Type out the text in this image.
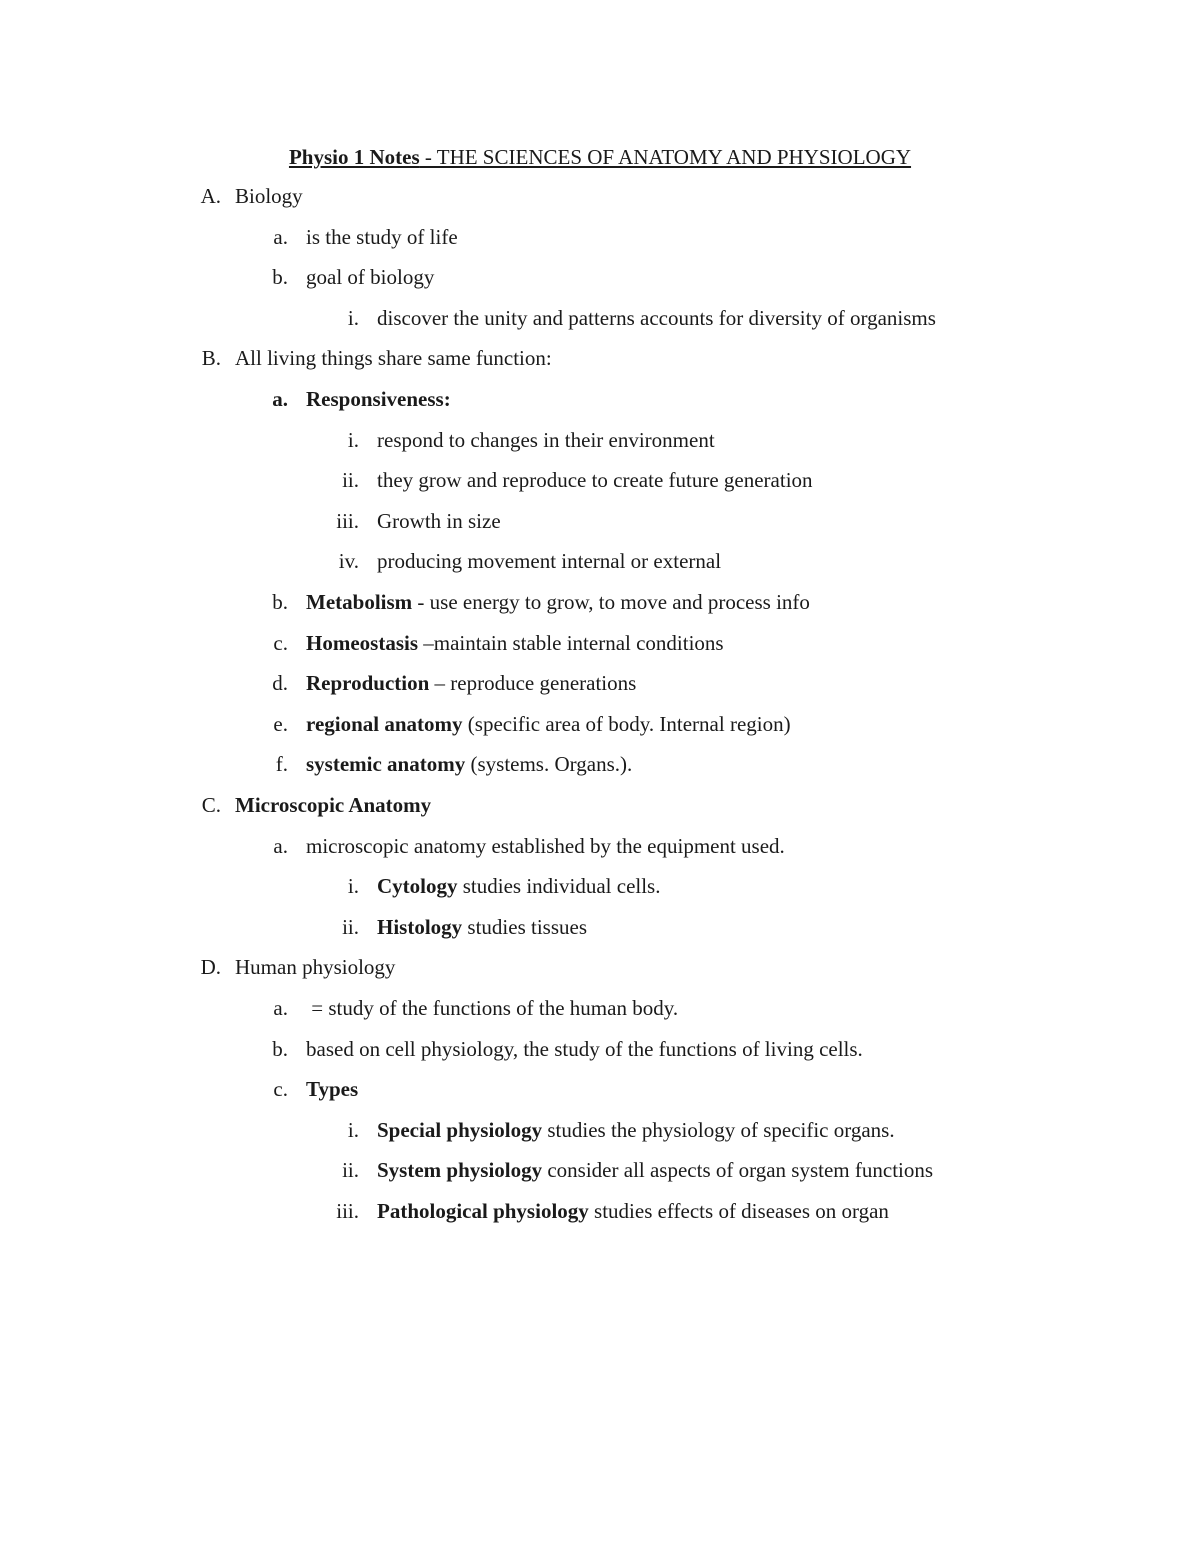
Physio 1 Notes - THE SCIENCES OF ANATOMY AND PHYSIOLOGY
A. Biology
a. is the study of life
b. goal of biology
i. discover the unity and patterns accounts for diversity of organisms
B. All living things share same function:
a. Responsiveness:
i. respond to changes in their environment
ii. they grow and reproduce to create future generation
iii. Growth in size
iv. producing movement internal or external
b. Metabolism - use energy to grow, to move and process info
c. Homeostasis –maintain stable internal conditions
d. Reproduction – reproduce generations
e. regional anatomy (specific area of body. Internal region)
f. systemic anatomy (systems. Organs.).
C. Microscopic Anatomy
a. microscopic anatomy established by the equipment used.
i. Cytology studies individual cells.
ii. Histology studies tissues
D. Human physiology
a. = study of the functions of the human body.
b. based on cell physiology, the study of the functions of living cells.
c. Types
i. Special physiology studies the physiology of specific organs.
ii. System physiology consider all aspects of organ system functions
iii. Pathological physiology studies effects of diseases on organ
